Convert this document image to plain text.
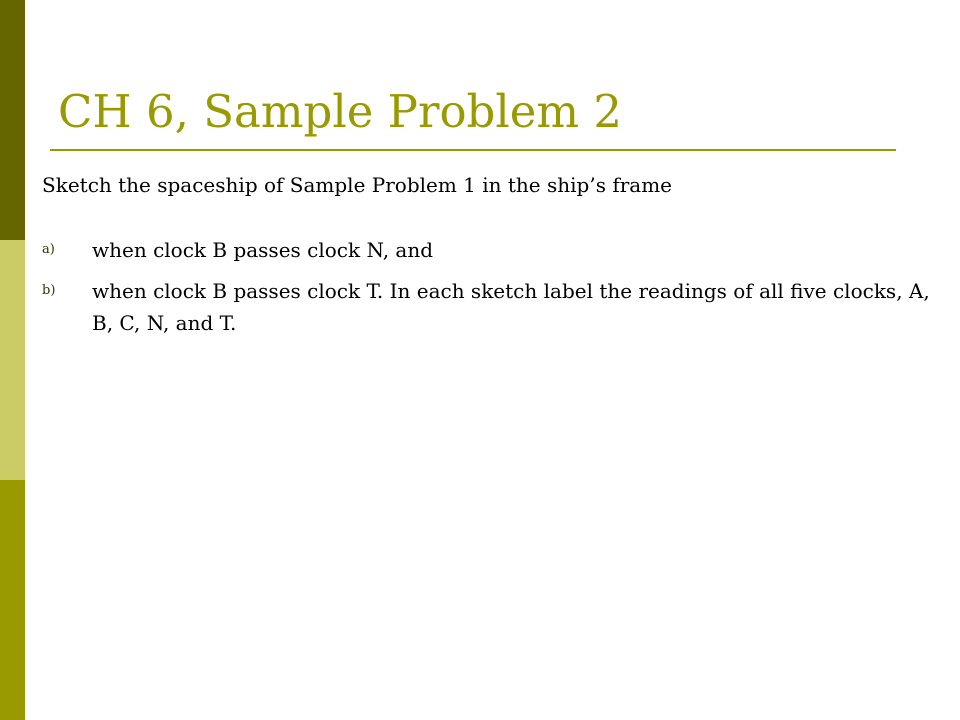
CH 6, Sample Problem 2

Sketch the spaceship of Sample Problem 1 in the ship’s frame

a) when clock B passes clock N, and
b) when clock B passes clock T. In each sketch label the readings of all five clocks, A, B, C, N, and T.
